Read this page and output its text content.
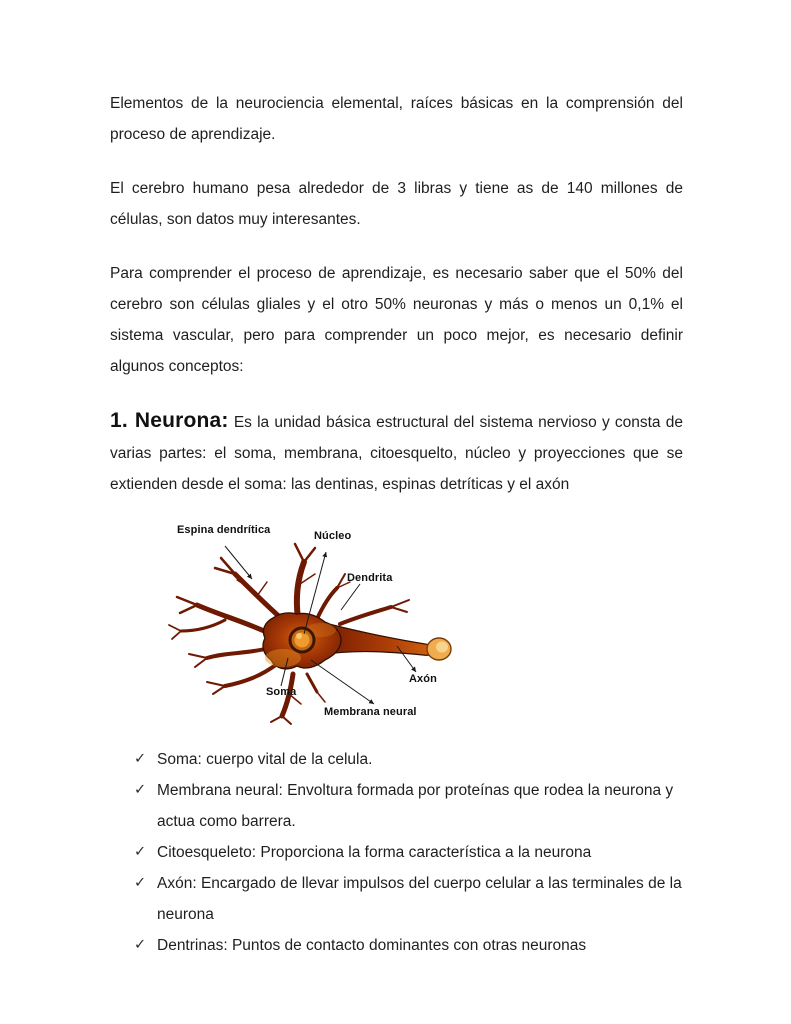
Elementos de la neurociencia elemental, raíces básicas en la comprensión del proceso de aprendizaje.

El cerebro humano pesa alrededor de 3 libras y tiene as de 140 millones de células, son datos muy interesantes.

Para comprender el proceso de aprendizaje, es necesario saber que el 50% del cerebro son células gliales y el otro 50% neuronas y más o menos un 0,1% el sistema vascular, pero para comprender un poco mejor, es necesario definir algunos conceptos:

1. Neurona: Es la unidad básica estructural del sistema nervioso y consta de varias partes: el soma, membrana, citoesquelto, núcleo y proyecciones que se extienden desde el soma: las dentinas, espinas detríticas y el axón

Espina dendrítica	Núcleo
Dendrita
Axón
Soma
Membrana neural
✓ Soma: cuerpo vital de la celula.
✓ Membrana neural: Envoltura formada por proteínas que rodea la neurona y actua como barrera.
✓ Citoesqueleto: Proporciona la forma característica a la neurona
✓ Axón: Encargado de llevar impulsos del cuerpo celular a las terminales de la neurona
✓ Dentrinas: Puntos de contacto dominantes con otras neuronas
